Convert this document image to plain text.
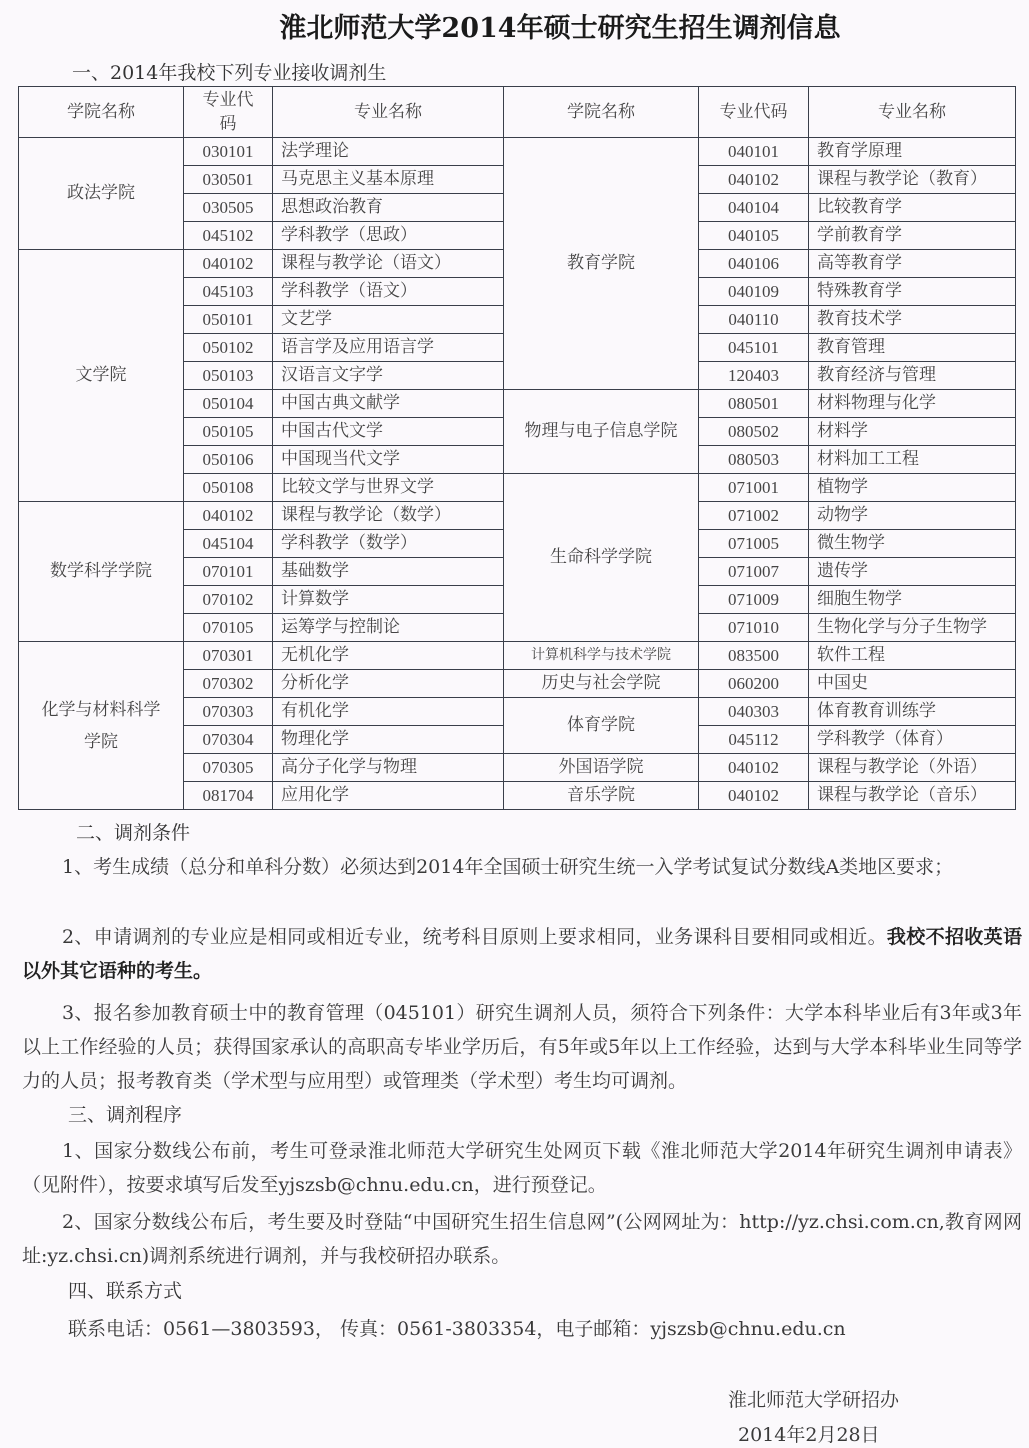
淮北师范大学2014年硕士研究生招生调剂信息
一、2014年我校下列专业接收调剂生
学院名称	专业代码	专业名称	学院名称	专业代码	专业名称
政法学院	030101	法学理论	教育学院	040101	教育学原理
	030501	马克思主义基本原理		040102	课程与教学论（教育）
	030505	思想政治教育		040104	比较教育学
	045102	学科教学（思政）		040105	学前教育学
文学院	040102	课程与教学论（语文）		040106	高等教育学
	045103	学科教学（语文）		040109	特殊教育学
	050101	文艺学		040110	教育技术学
	050102	语言学及应用语言学		045101	教育管理
	050103	汉语言文字学		120403	教育经济与管理
	050104	中国古典文献学	物理与电子信息学院	080501	材料物理与化学
	050105	中国古代文学		080502	材料学
	050106	中国现当代文学		080503	材料加工工程
	050108	比较文学与世界文学	生命科学学院	071001	植物学
数学科学学院	040102	课程与教学论（数学）		071002	动物学
	045104	学科教学（数学）		071005	微生物学
	070101	基础数学		071007	遗传学
	070102	计算数学		071009	细胞生物学
	070105	运筹学与控制论		071010	生物化学与分子生物学

化学与材料科学
学院	070301	无机化学	计算机科学与技术学院	083500	软件工程
	070302	分析化学	历史与社会学院	060200	中国史
	070303	有机化学	体育学院	040303	体育教育训练学
	070304	物理化学		045112	学科教学（体育）
	070305	高分子化学与物理	外国语学院	040102	课程与教学论（外语）
	081704	应用化学	音乐学院	040102	课程与教学论（音乐）
二、调剂条件
1、考生成绩（总分和单科分数）必须达到2014年全国硕士研究生统一入学考试复试分数线A类地区要求；
2、申请调剂的专业应是相同或相近专业，统考科目原则上要求相同，业务课科目要相同或相近。我校不招收英语以外其它语种的考生。
3、报名参加教育硕士中的教育管理（045101）研究生调剂人员，须符合下列条件：大学本科毕业后有3年或3年以上工作经验的人员；获得国家承认的高职高专毕业学历后，有5年或5年以上工作经验，达到与大学本科毕业生同等学力的人员；报考教育类（学术型与应用型）或管理类（学术型）考生均可调剂。
三、调剂程序
1、国家分数线公布前，考生可登录淮北师范大学研究生处网页下载《淮北师范大学2014年研究生调剂申请表》（见附件），按要求填写后发至yjszsb@chnu.edu.cn，进行预登记。
2、国家分数线公布后，考生要及时登陆“中国研究生招生信息网”(公网网址为：http://yz.chsi.com.cn,教育网网址:yz.chsi.cn)调剂系统进行调剂，并与我校研招办联系。
四、联系方式
联系电话：0561—3803593， 传真：0561-3803354，电子邮箱：yjszsb@chnu.edu.cn
淮北师范大学研招办
2014年2月28日
